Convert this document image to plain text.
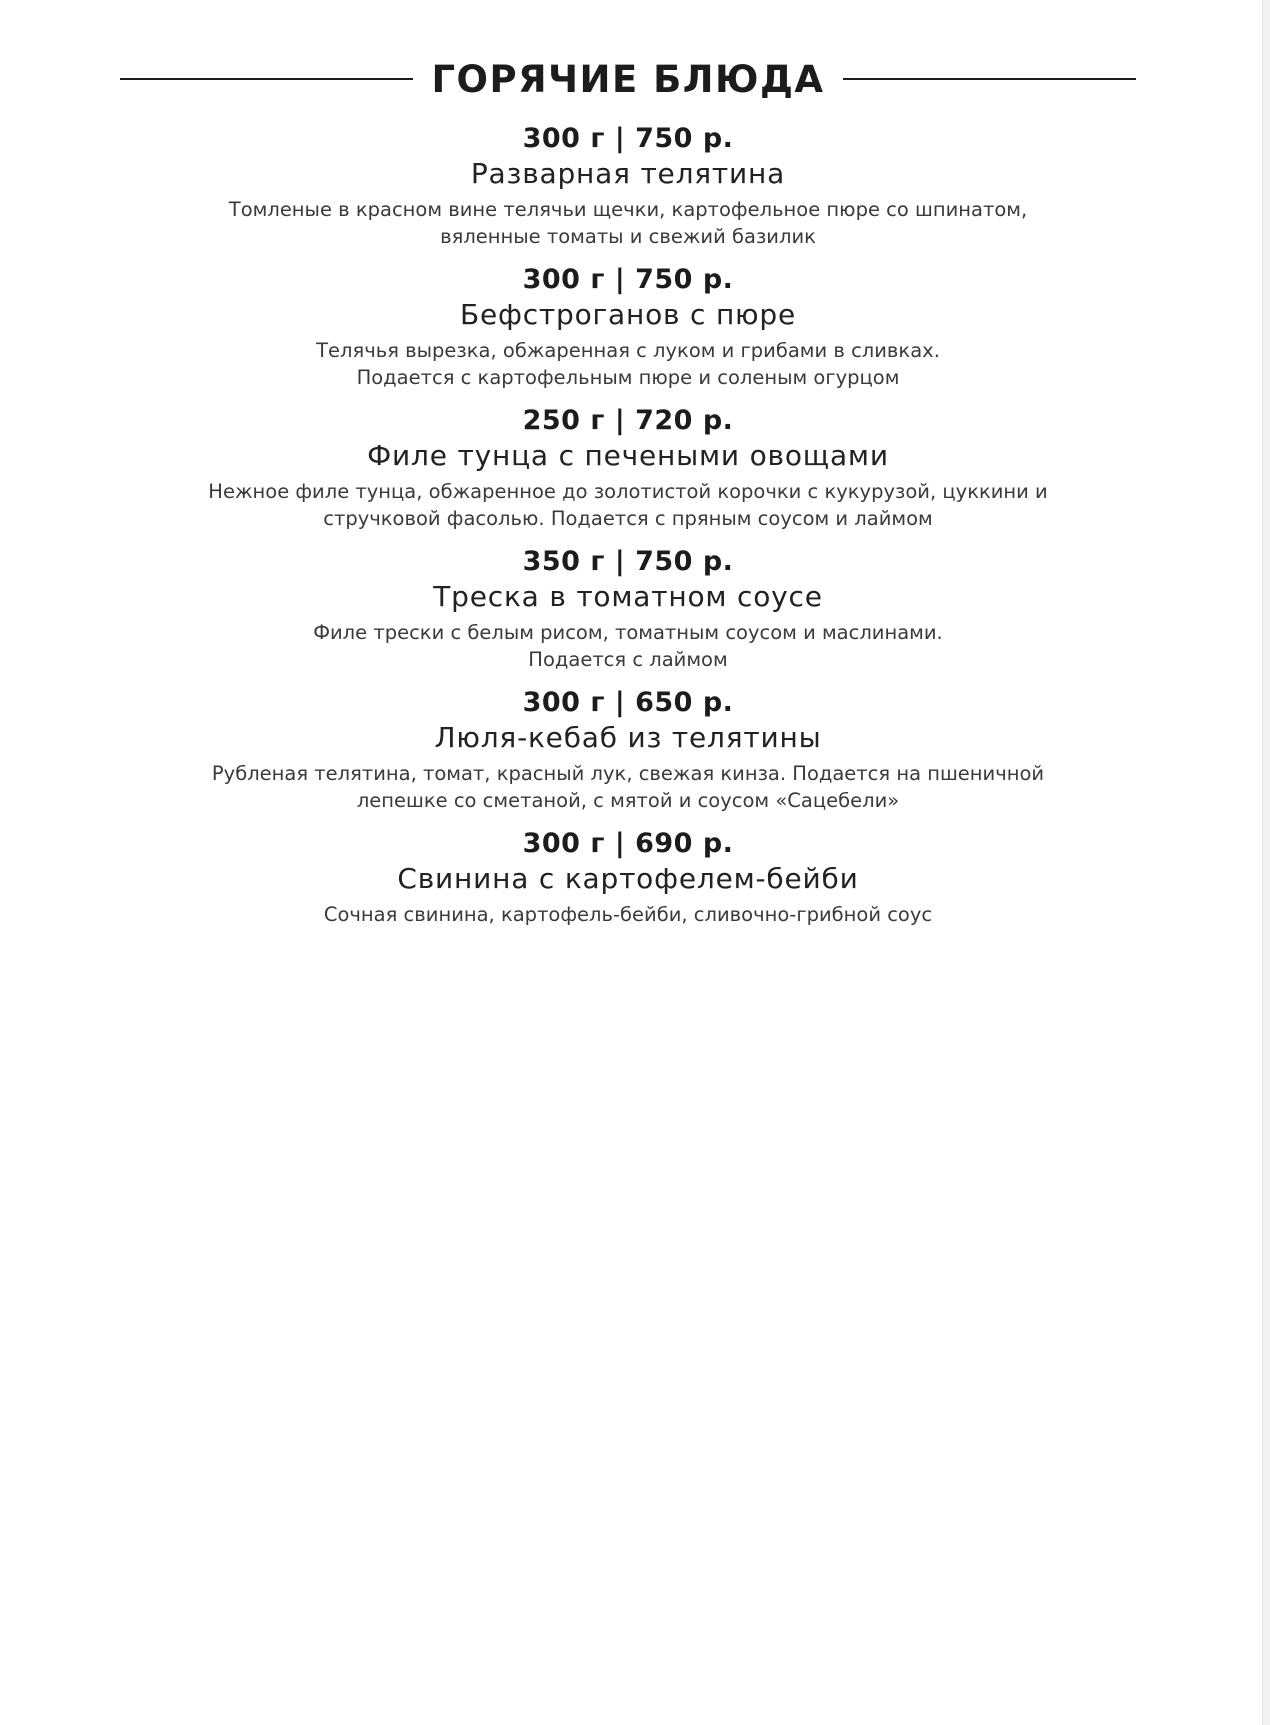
ГОРЯЧИЕ БЛЮДА
300 г | 750 р.
Разварная телятина
Томленые в красном вине телячьи щечки, картофельное пюре со шпинатом,
вяленные томаты и свежий базилик
300 г | 750 р.
Бефстроганов с пюре
Телячья вырезка, обжаренная с луком и грибами в сливках.
Подается с картофельным пюре и соленым огурцом
250 г | 720 р.
Филе тунца с печеными овощами
Нежное филе тунца, обжаренное до золотистой корочки с кукурузой, цуккини и
стручковой фасолью. Подается с пряным соусом и лаймом
350 г | 750 р.
Треска в томатном соусе
Филе трески с белым рисом, томатным соусом и маслинами.
Подается с лаймом
300 г | 650 р.
Люля-кебаб из телятины
Рубленая телятина, томат, красный лук, свежая кинза. Подается на пшеничной
лепешке со сметаной, с мятой и соусом «Сацебели»
300 г | 690 р.
Свинина с картофелем-бейби
Сочная свинина, картофель-бейби, сливочно-грибной соус
